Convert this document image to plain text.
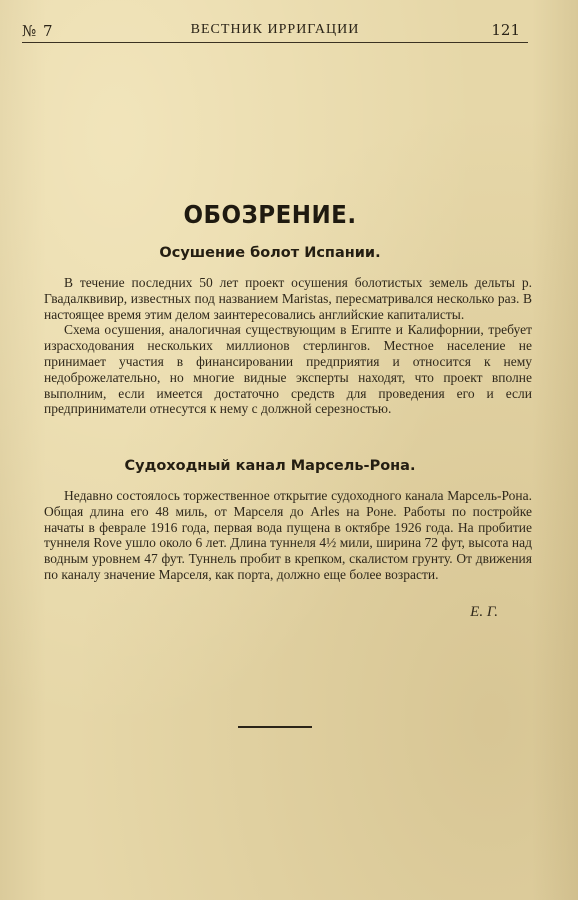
№ 7	ВЕСТНИК ИРРИГАЦИИ	121
ОБОЗРЕНИЕ.
Осушение болот Испании.

В течение последних 50 лет проект осушения болотистых земель дельты р. Гвадалквивир, известных под названием Maristas, пересматривался несколько раз. В настоящее время этим делом заинтересовались английские капиталисты.

Схема осушения, аналогичная существующим в Египте и Калифорнии, требует израсходования нескольких миллионов стерлингов. Местное население не принимает участия в финансировании предприятия и относится к нему недоброжелательно, но многие видные эксперты находят, что проект вполне выполним, если имеется достаточно средств для проведения его и если предприниматели отнесутся к нему с должной серезностью.

Судоходный канал Марсель-Рона.

Недавно состоялось торжественное открытие судоходного канала Марсель-Рона. Общая длина его 48 миль, от Марселя до Arles на Роне. Работы по постройке начаты в феврале 1916 года, первая вода пущена в октябре 1926 года. На пробитие туннеля Rove ушло около 6 лет. Длина туннеля 4½ мили, ширина 72 фут, высота над водным уровнем 47 фут. Туннель пробит в крепком, скалистом грунту. От движения по каналу значение Марселя, как порта, должно еще более возрасти.

Е. Г.
